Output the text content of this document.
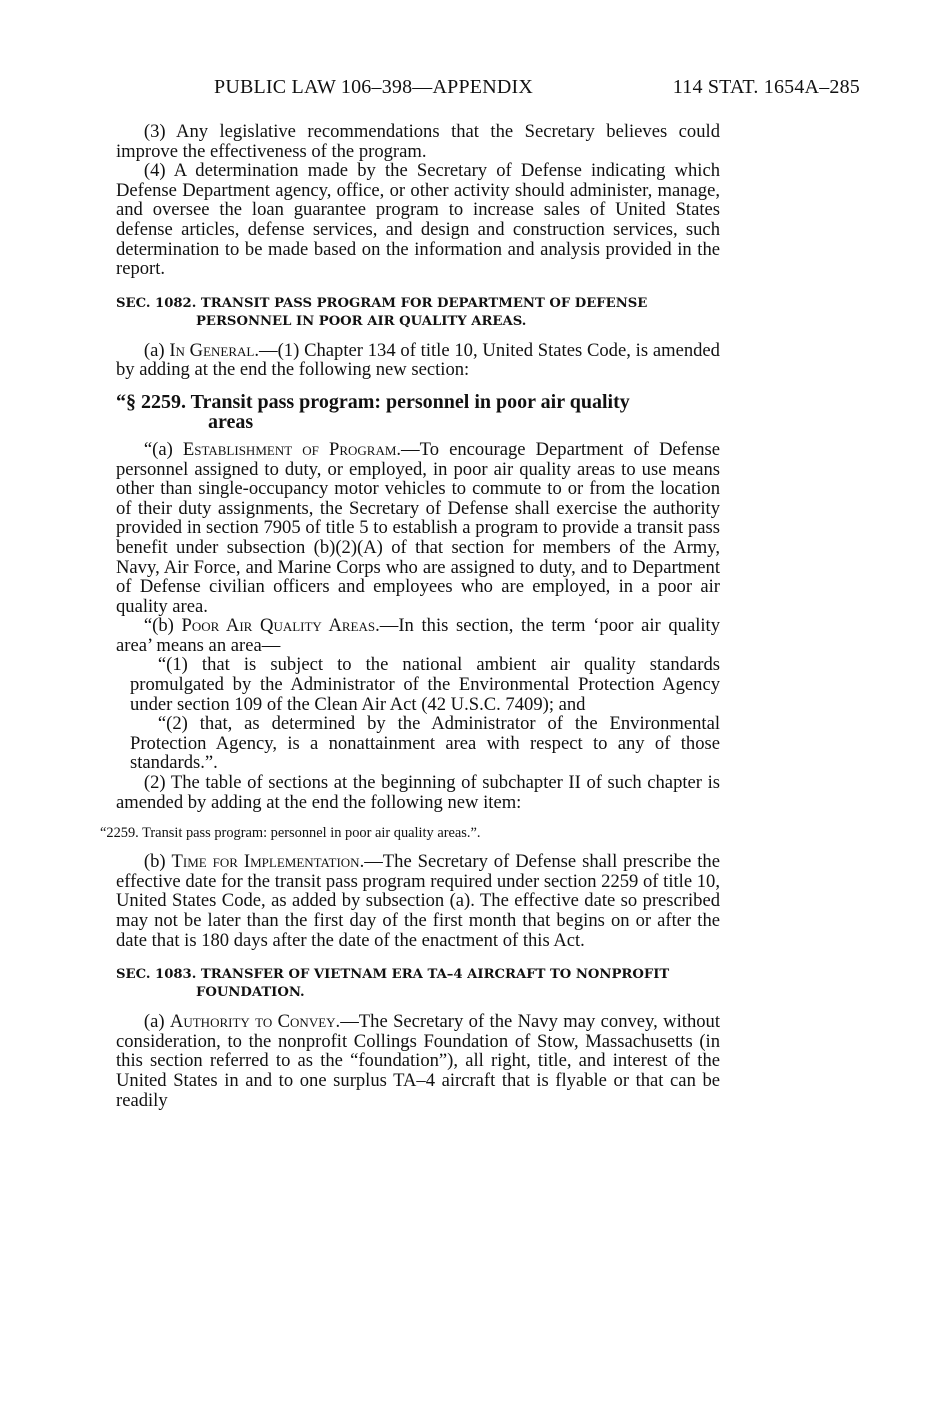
PUBLIC LAW 106–398—APPENDIX	114 STAT. 1654A–285

(3) Any legislative recommendations that the Secretary believes could improve the effectiveness of the program.

(4) A determination made by the Secretary of Defense indicating which Defense Department agency, office, or other activity should administer, manage, and oversee the loan guarantee program to increase sales of United States defense articles, defense services, and design and construction services, such determination to be made based on the information and analysis provided in the report.

SEC. 1082. TRANSIT PASS PROGRAM FOR DEPARTMENT OF DEFENSE
PERSONNEL IN POOR AIR QUALITY AREAS.

(a) In General.—(1) Chapter 134 of title 10, United States Code, is amended by adding at the end the following new section:

“§ 2259. Transit pass program: personnel in poor air quality
areas

“(a) Establishment of Program.—To encourage Department of Defense personnel assigned to duty, or employed, in poor air quality areas to use means other than single-occupancy motor vehicles to commute to or from the location of their duty assignments, the Secretary of Defense shall exercise the authority provided in section 7905 of title 5 to establish a program to provide a transit pass benefit under subsection (b)(2)(A) of that section for members of the Army, Navy, Air Force, and Marine Corps who are assigned to duty, and to Department of Defense civilian officers and employees who are employed, in a poor air quality area.

“(b) Poor Air Quality Areas.—In this section, the term ‘poor air quality area’ means an area—

“(1) that is subject to the national ambient air quality standards promulgated by the Administrator of the Environmental Protection Agency under section 109 of the Clean Air Act (42 U.S.C. 7409); and

“(2) that, as determined by the Administrator of the Environmental Protection Agency, is a nonattainment area with respect to any of those standards.”.

(2) The table of sections at the beginning of subchapter II of such chapter is amended by adding at the end the following new item:

“2259. Transit pass program: personnel in poor air quality areas.”.

(b) Time for Implementation.—The Secretary of Defense shall prescribe the effective date for the transit pass program required under section 2259 of title 10, United States Code, as added by subsection (a). The effective date so prescribed may not be later than the first day of the first month that begins on or after the date that is 180 days after the date of the enactment of this Act.

SEC. 1083. TRANSFER OF VIETNAM ERA TA–4 AIRCRAFT TO NONPROFIT
FOUNDATION.

(a) Authority to Convey.—The Secretary of the Navy may convey, without consideration, to the nonprofit Collings Foundation of Stow, Massachusetts (in this section referred to as the “foundation”), all right, title, and interest of the United States in and to one surplus TA–4 aircraft that is flyable or that can be readily
